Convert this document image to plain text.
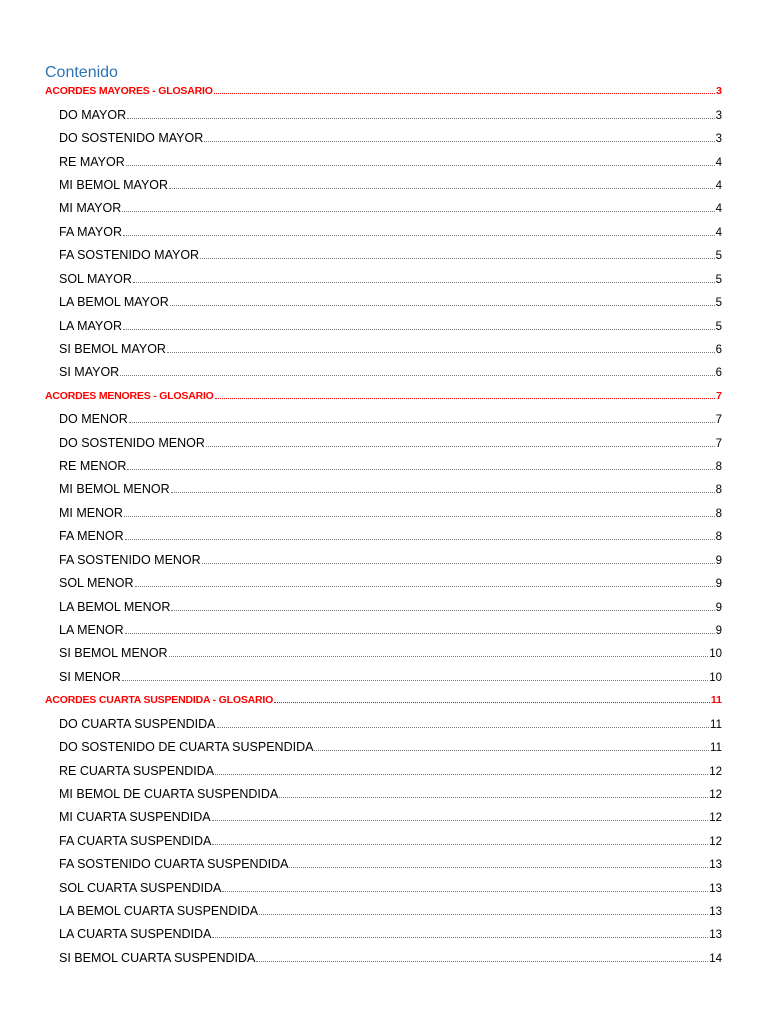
Contenido
ACORDES MAYORES - GLOSARIO	3
DO MAYOR	3
DO SOSTENIDO MAYOR	3
RE MAYOR	4
MI BEMOL MAYOR	4
MI MAYOR	4
FA MAYOR	4
FA SOSTENIDO MAYOR	5
SOL MAYOR	5
LA BEMOL MAYOR	5
LA MAYOR	5
SI BEMOL MAYOR	6
SI MAYOR	6
ACORDES MENORES - GLOSARIO	7
DO MENOR	7
DO SOSTENIDO MENOR	7
RE MENOR	8
MI BEMOL MENOR	8
MI MENOR	8
FA MENOR	8
FA SOSTENIDO MENOR	9
SOL MENOR	9
LA BEMOL MENOR	9
LA MENOR	9
SI BEMOL MENOR	10
SI MENOR	10
ACORDES CUARTA SUSPENDIDA - GLOSARIO	11
DO CUARTA SUSPENDIDA	11
DO SOSTENIDO DE CUARTA SUSPENDIDA	11
RE CUARTA SUSPENDIDA	12
MI BEMOL DE CUARTA SUSPENDIDA	12
MI CUARTA SUSPENDIDA	12
FA CUARTA SUSPENDIDA	12
FA SOSTENIDO CUARTA SUSPENDIDA	13
SOL CUARTA SUSPENDIDA	13
LA BEMOL CUARTA SUSPENDIDA	13
LA CUARTA SUSPENDIDA	13
SI BEMOL CUARTA SUSPENDIDA	14
